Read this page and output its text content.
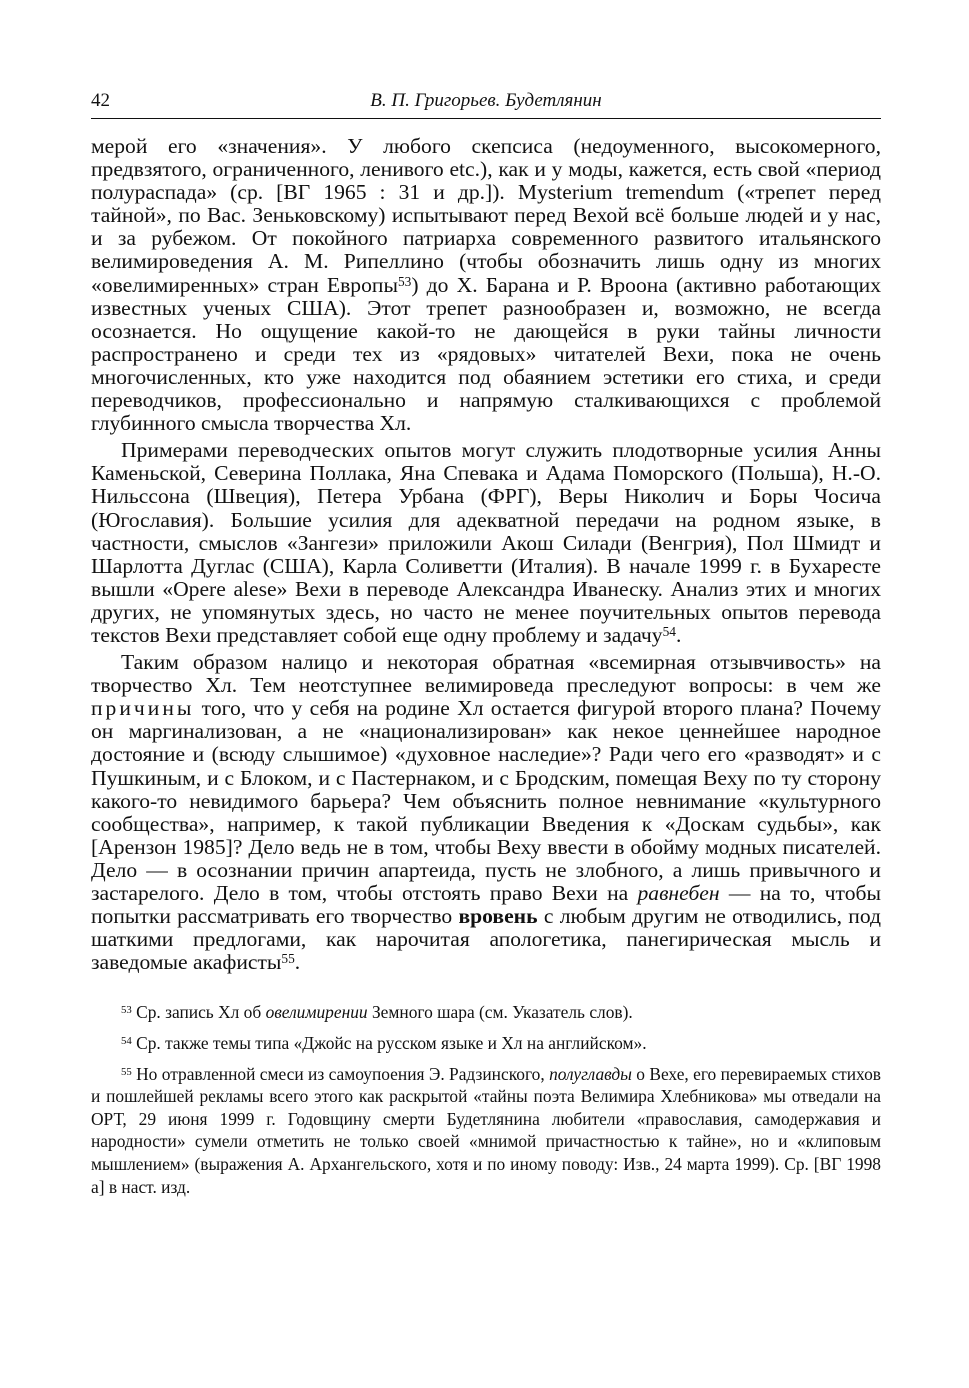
42	В. П. Григорьев. Будетлянин

мерой его «значения». У любого скепсиса (недоуменного, высокомерного, предвзятого, ограниченного, ленивого etc.), как и у моды, кажется, есть свой «период полураспада» (ср. [ВГ 1965 : 31 и др.]). Mysterium tremendum («трепет перед тайной», по Вас. Зеньковскому) испытывают перед Вехой всё больше людей и у нас, и за рубежом. От покойного патриарха современного развитого итальянского велимироведения А. М. Рипеллино (чтобы обозначить лишь одну из многих «овелимиренных» стран Европы$^{53}$) до X. Барана и Р. Вроона (активно работающих известных ученых США). Этот трепет разнообразен и, возможно, не всегда осознается. Но ощущение какой-то не дающейся в руки тайны личности распространено и среди тех из «рядовых» читателей Вехи, пока не очень многочисленных, кто уже находится под обаянием эстетики его стиха, и среди переводчиков, профессионально и напрямую сталкивающихся с проблемой глубинного смысла творчества Хл.

Примерами переводческих опытов могут служить плодотворные усилия Анны Каменьской, Северина Поллака, Яна Спевака и Адама Поморского (Польша), Н.-О. Нильссона (Швеция), Петера Урбана (ФРГ), Веры Николич и Боры Чосича (Югославия). Большие усилия для адекватной передачи на родном языке, в частности, смыслов «Зангези» приложили Акош Силади (Венгрия), Пол Шмидт и Шарлотта Дуглас (США), Карла Соливетти (Италия). В начале 1999 г. в Бухаресте вышли «Opere alese» Вехи в переводе Александра Иванеску. Анализ этих и многих других, не упомянутых здесь, но часто не менее поучительных опытов перевода текстов Вехи представляет собой еще одну проблему и задачу$^{54}$.

Таким образом налицо и некоторая обратная «всемирная отзывчивость» на творчество Хл. Тем неотступнее велимироведа преследуют вопросы: в чем же причины того, что у себя на родине Хл остается фигурой второго плана? Почему он маргинализован, а не «национализирован» как некое ценнейшее народное достояние и (всюду слышимое) «духовное наследие»? Ради чего его «разводят» и с Пушкиным, и с Блоком, и с Пастернаком, и с Бродским, помещая Веху по ту сторону какого-то невидимого барьера? Чем объяснить полное невнимание «культурного сообщества», например, к такой публикации Введения к «Доскам судьбы», как [Арензон 1985]? Дело ведь не в том, чтобы Веху ввести в обойму модных писателей. Дело — в осознании причин апартеида, пусть не злобного, а лишь привычного и застарелого. Дело в том, чтобы отстоять право Вехи на равнебен — на то, чтобы попытки рассматривать его творчество вровень с любым другим не отводились, под шаткими предлогами, как нарочитая апологетика, панегирическая мысль и заведомые акафисты$^{55}$.

$^{53}$ Ср. запись Хл об овелимирении Земного шара (см. Указатель слов).

$^{54}$ Ср. также темы типа «Джойс на русском языке и Хл на английском».

$^{55}$ Но отравленной смеси из самоупоения Э. Радзинского, полуглавды о Вехе, его перевираемых стихов и пошлейшей рекламы всего этого как раскрытой «тайны поэта Велимира Хлебникова» мы отведали на ОРТ, 29 июня 1999 г. Годовщину смерти Будетлянина любители «православия, самодержавия и народности» сумели отметить не только своей «мнимой причастностью к тайне», но и «клиповым мышлением» (выражения А. Архангельского, хотя и по иному поводу: Изв., 24 марта 1999). Ср. [ВГ 1998 а] в наст. изд.
